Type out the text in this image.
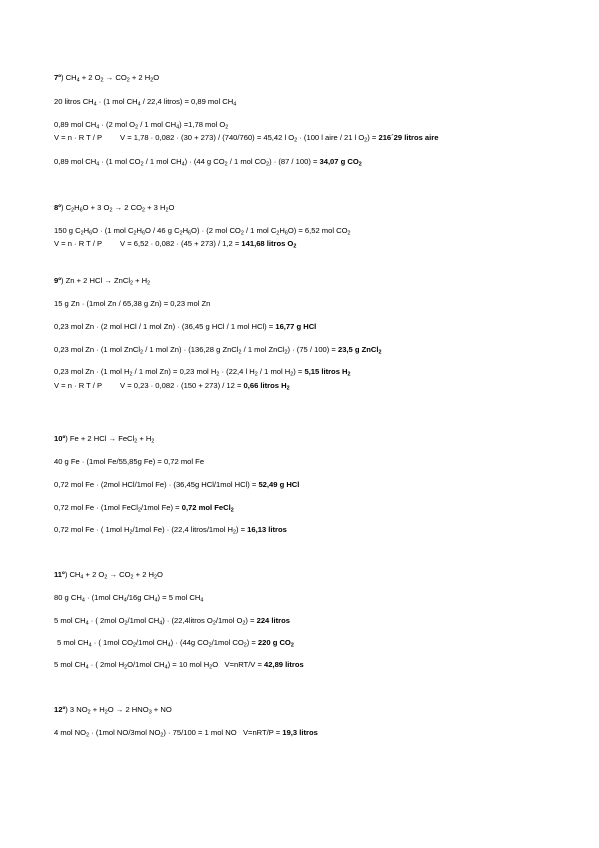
7º) $CH_4 + 2$ $O_2 \to CO_2 + 2$ $H_2O$
20 litros $CH_4 \cdot (1$ mol $CH_4 / 22,4$ litros) = 0,89 mol $CH_4$
0,89 mol $CH_4 \cdot (2$ mol $O_2 / 1$ mol $CH_4) =1,78$ mol $O_2$
V = n · R T / P V = 1,78 · 0,082 · (30 + 273) / (740/760) = 45,42 l $O_2 \cdot (100$ l aire / 21 l $O_2$) = 216´29 litros aire
0,89 mol $CH_4 \cdot (1$ mol $CO_2 / 1$ mol $CH_4) \cdot (44$ g $CO_2 / 1$ mol $CO_2) \cdot (87 / 100) = 34,07$ g $CO_2$
8º) $C_2H_6O + 3$ $O_2 \to 2$ $CO_2 + 3$ $H_2O$
150 g $C_2H_6O \cdot (1$ mol $C_2H_6O / 46$ g $C_2H_6O) \cdot (2$ mol $CO_2 / 1$ mol $C_2H_6O) = 6,52$ mol $CO_2$
V = n · R T / P V = 6,52 · 0,082 · (45 + 273) / 1,2 = 141,68 litros $O_2$
9º) Zn + 2 HCl → ZnCl$_2$ + $H_2$
15 g Zn · (1mol Zn / 65,38 g Zn) = 0,23 mol Zn
0,23 mol Zn · (2 mol HCl / 1 mol Zn) · (36,45 g HCl / 1 mol HCl) = 16,77 g HCl
0,23 mol Zn · (1 mol ZnCl$_2$ / 1 mol Zn) · (136,28 g ZnCl$_2$ / 1 mol ZnCl$_2$) · (75 / 100) = 23,5 g ZnCl$_2$
0,23 mol Zn · (1 mol $H_2 / 1$ mol Zn) = 0,23 mol $H_2 \cdot (22,4$ l $H_2 / 1$ mol $H_2) = 5,15$ litros $H_2$
V = n · R T / P V = 0,23 · 0,082 · (150 + 273) / 12 = 0,66 litros $H_2$
10º) Fe + 2 HCl → FeCl$_2$ + $H_2$
40 g Fe · (1mol Fe/55,85g Fe) = 0,72 mol Fe
0,72 mol Fe · (2mol HCl/1mol Fe) · (36,45g HCl/1mol HCl) = 52,49 g HCl
0,72 mol Fe · (1mol FeCl$_2$/1mol Fe) = 0,72 mol FeCl$_2$
0,72 mol Fe · ( 1mol $H_2/1mol$ Fe) · (22,4 litros/1mol $H_2) = 16,13$ litros
11º) $CH_4 + 2$ $O_2 \to CO_2 + 2$ $H_2O$
80 g $CH_4 \cdot (1mol$ $CH_4/16g$ $CH_4) = 5$ mol $CH_4$
5 mol $CH_4$ · ( 2mol $O_2/1mol$ $CH_4$) · (22,4litros $O_2/1mol$ $O_2) = 224$ litros
5 mol $CH_4$ · ( 1mol $CO_2/1mol$ $CH_4) \cdot (44g$ $CO_2/1mol$ $CO_2) = 220$ g $CO_2$
5 mol $CH_4$ · ( 2mol $H_2O/1mol$ $CH_4) = 10$ mol $H_2O$   V=nRT/V = 42,89 litros
12º) 3 $NO_2 + H_2O \to 2$ $HNO_3$ + NO
4 mol $NO_2 \cdot (1mol$ NO/3mol $NO_2) \cdot 75/100 = 1$ mol NO   V=nRT/P = 19,3 litros
